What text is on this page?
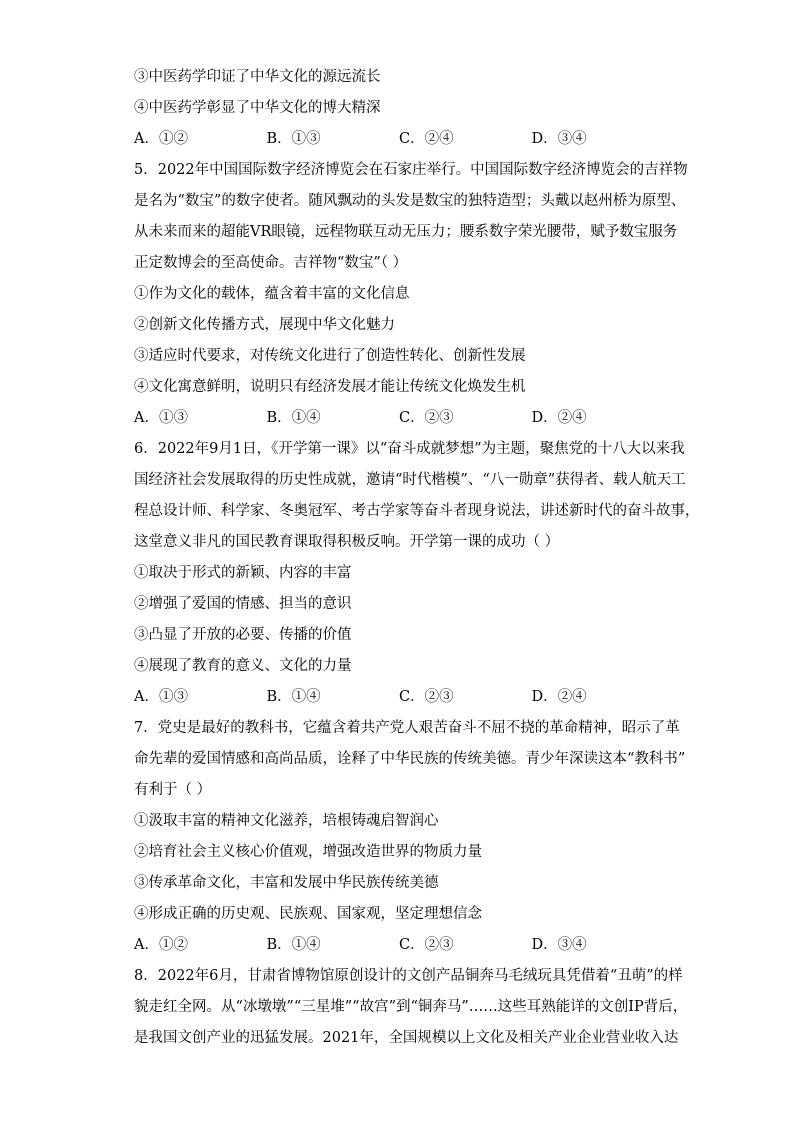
③中医药学印证了中华文化的源远流长
④中医药学彰显了中华文化的博大精深
A．①②	B．①③	C．②④	D．③④
5．2022年中国国际数字经济博览会在石家庄举行。中国国际数字经济博览会的吉祥物
是名为“数宝”的数字使者。随风飘动的头发是数宝的独特造型；头戴以赵州桥为原型、
从未来而来的超能VR眼镜，远程物联互动无压力；腰系数字荣光腰带，赋予数宝服务
正定数博会的至高使命。吉祥物“数宝”（ ）
①作为文化的载体，蕴含着丰富的文化信息
②创新文化传播方式，展现中华文化魅力
③适应时代要求，对传统文化进行了创造性转化、创新性发展
④文化寓意鲜明，说明只有经济发展才能让传统文化焕发生机
A．①③	B．①④	C．②③	D．②④
6．2022年9月1日，《开学第一课》以“奋斗成就梦想”为主题，聚焦党的十八大以来我
国经济社会发展取得的历史性成就，邀请“时代楷模”、“八一勋章”获得者、载人航天工
程总设计师、科学家、冬奥冠军、考古学家等奋斗者现身说法，讲述新时代的奋斗故事，
这堂意义非凡的国民教育课取得积极反响。开学第一课的成功（ ）
①取决于形式的新颖、内容的丰富
②增强了爱国的情感、担当的意识
③凸显了开放的必要、传播的价值
④展现了教育的意义、文化的力量
A．①③	B．①④	C．②③	D．②④
7．党史是最好的教科书，它蕴含着共产党人艰苦奋斗不屈不挠的革命精神，昭示了革
命先辈的爱国情感和高尚品质，诠释了中华民族的传统美德。青少年深读这本“教科书”
有利于（ ）
①汲取丰富的精神文化滋养，培根铸魂启智润心
②培育社会主义核心价值观，增强改造世界的物质力量
③传承革命文化，丰富和发展中华民族传统美德
④形成正确的历史观、民族观、国家观，坚定理想信念
A．①②	B．①④	C．②③	D．③④
8．2022年6月，甘肃省博物馆原创设计的文创产品铜奔马毛绒玩具凭借着“丑萌”的样
貌走红全网。从“冰墩墩”“三星堆”“故宫”到“铜奔马”……这些耳熟能详的文创IP背后，
是我国文创产业的迅猛发展。2021年，全国规模以上文化及相关产业企业营业收入达
